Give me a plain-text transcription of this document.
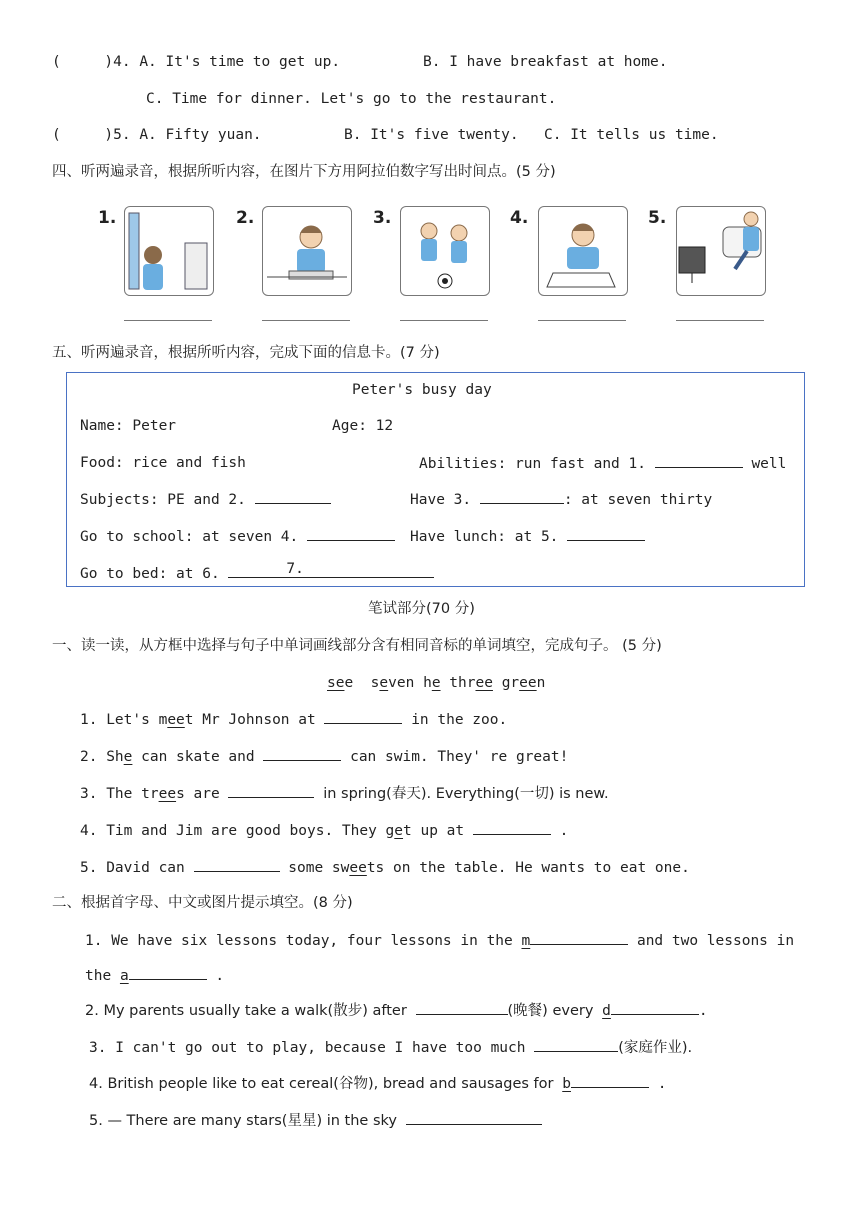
(     )4. A. It's time to get up.	B. I have breakfast at home.
C. Time for dinner. Let's go to the restaurant.
(     )5. A. Fifty yuan.	B. It's five twenty. C. It tells us time.
四、听两遍录音，根据所听内容，在图片下方用阿拉伯数字写出时间点。(5 分)
1.	2.	3.	4.	5.
五、听两遍录音，根据所听内容，完成下面的信息卡。(7 分)
Peter's busy day
Name: Peter	Age: 12
Food: rice and fish	Abilities: run fast and 1.	well
Subjects: PE and 2.	Have 3.	: at seven thirty
Go to school: at seven 4.	Have lunch: at 5.
Go to bed: at 6.	7.
笔试部分(70 分)
一、读一读，从方框中选择与句子中单词画线部分含有相同音标的单词填空，完成句子。 (5 分)
see seven he three green
1. Let's meet Mr Johnson at	in the zoo.
2. She can skate and	can swim. They' re great!
3. The trees are	in spring(春天). Everything(一切) is new.
4. Tim and Jim are good boys. They get up at	.
5. David can	some sweets on the table. He wants to eat one.
二、根据首字母、中文或图片提示填空。(8 分)
1. We have six lessons today, four lessons in the m	and two lessons in
the a	.
2. My parents usually take a walk(散步) after	(晚餐) every d	.
3. I can't go out to play, because I have too much	(家庭作业).
4. British people like to eat cereal(谷物), bread and sausages for b	.
5. — There are many stars(星星) in the sky
